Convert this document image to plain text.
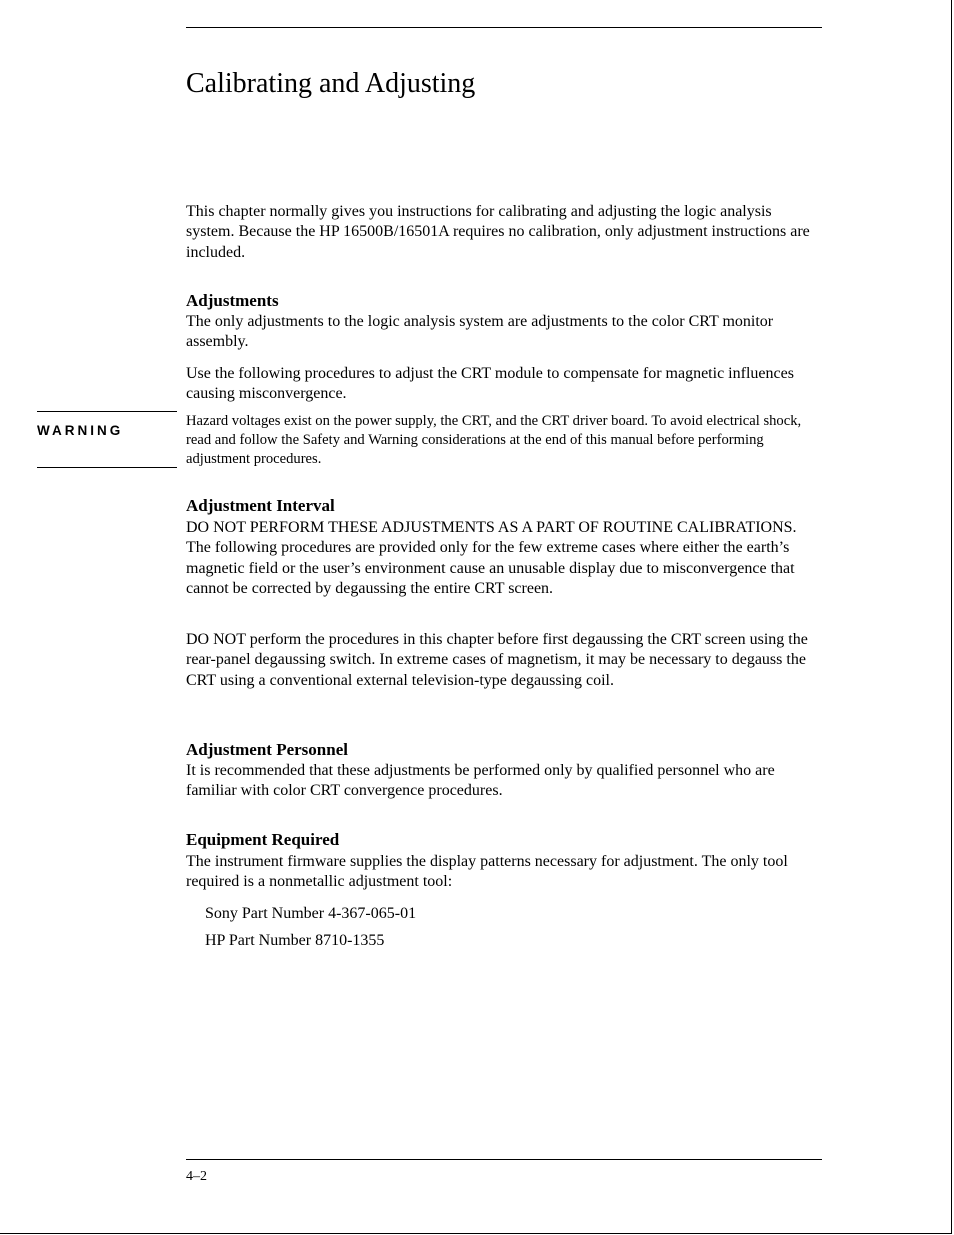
Calibrating and Adjusting

This chapter normally gives you instructions for calibrating and adjusting the logic analysis system. Because the HP 16500B/16501A requires no calibration, only adjustment instructions are included.

Adjustments

The only adjustments to the logic analysis system are adjustments to the color CRT monitor assembly.

Use the following procedures to adjust the CRT module to compensate for magnetic influences causing misconvergence.

WARNING

Hazard voltages exist on the power supply, the CRT, and the CRT driver board. To avoid electrical shock, read and follow the Safety and Warning considerations at the end of this manual before performing adjustment procedures.

Adjustment Interval

DO NOT PERFORM THESE ADJUSTMENTS AS A PART OF ROUTINE CALIBRATIONS. The following procedures are provided only for the few extreme cases where either the earth’s magnetic field or the user’s environment cause an unusable display due to misconvergence that cannot be corrected by degaussing the entire CRT screen.

DO NOT perform the procedures in this chapter before first degaussing the CRT screen using the rear-panel degaussing switch. In extreme cases of magnetism, it may be necessary to degauss the CRT using a conventional external television-type degaussing coil.

Adjustment Personnel

It is recommended that these adjustments be performed only by qualified personnel who are familiar with color CRT convergence procedures.

Equipment Required

The instrument firmware supplies the display patterns necessary for adjustment. The only tool required is a nonmetallic adjustment tool:

Sony Part Number 4-367-065-01
HP Part Number 8710-1355
4–2
